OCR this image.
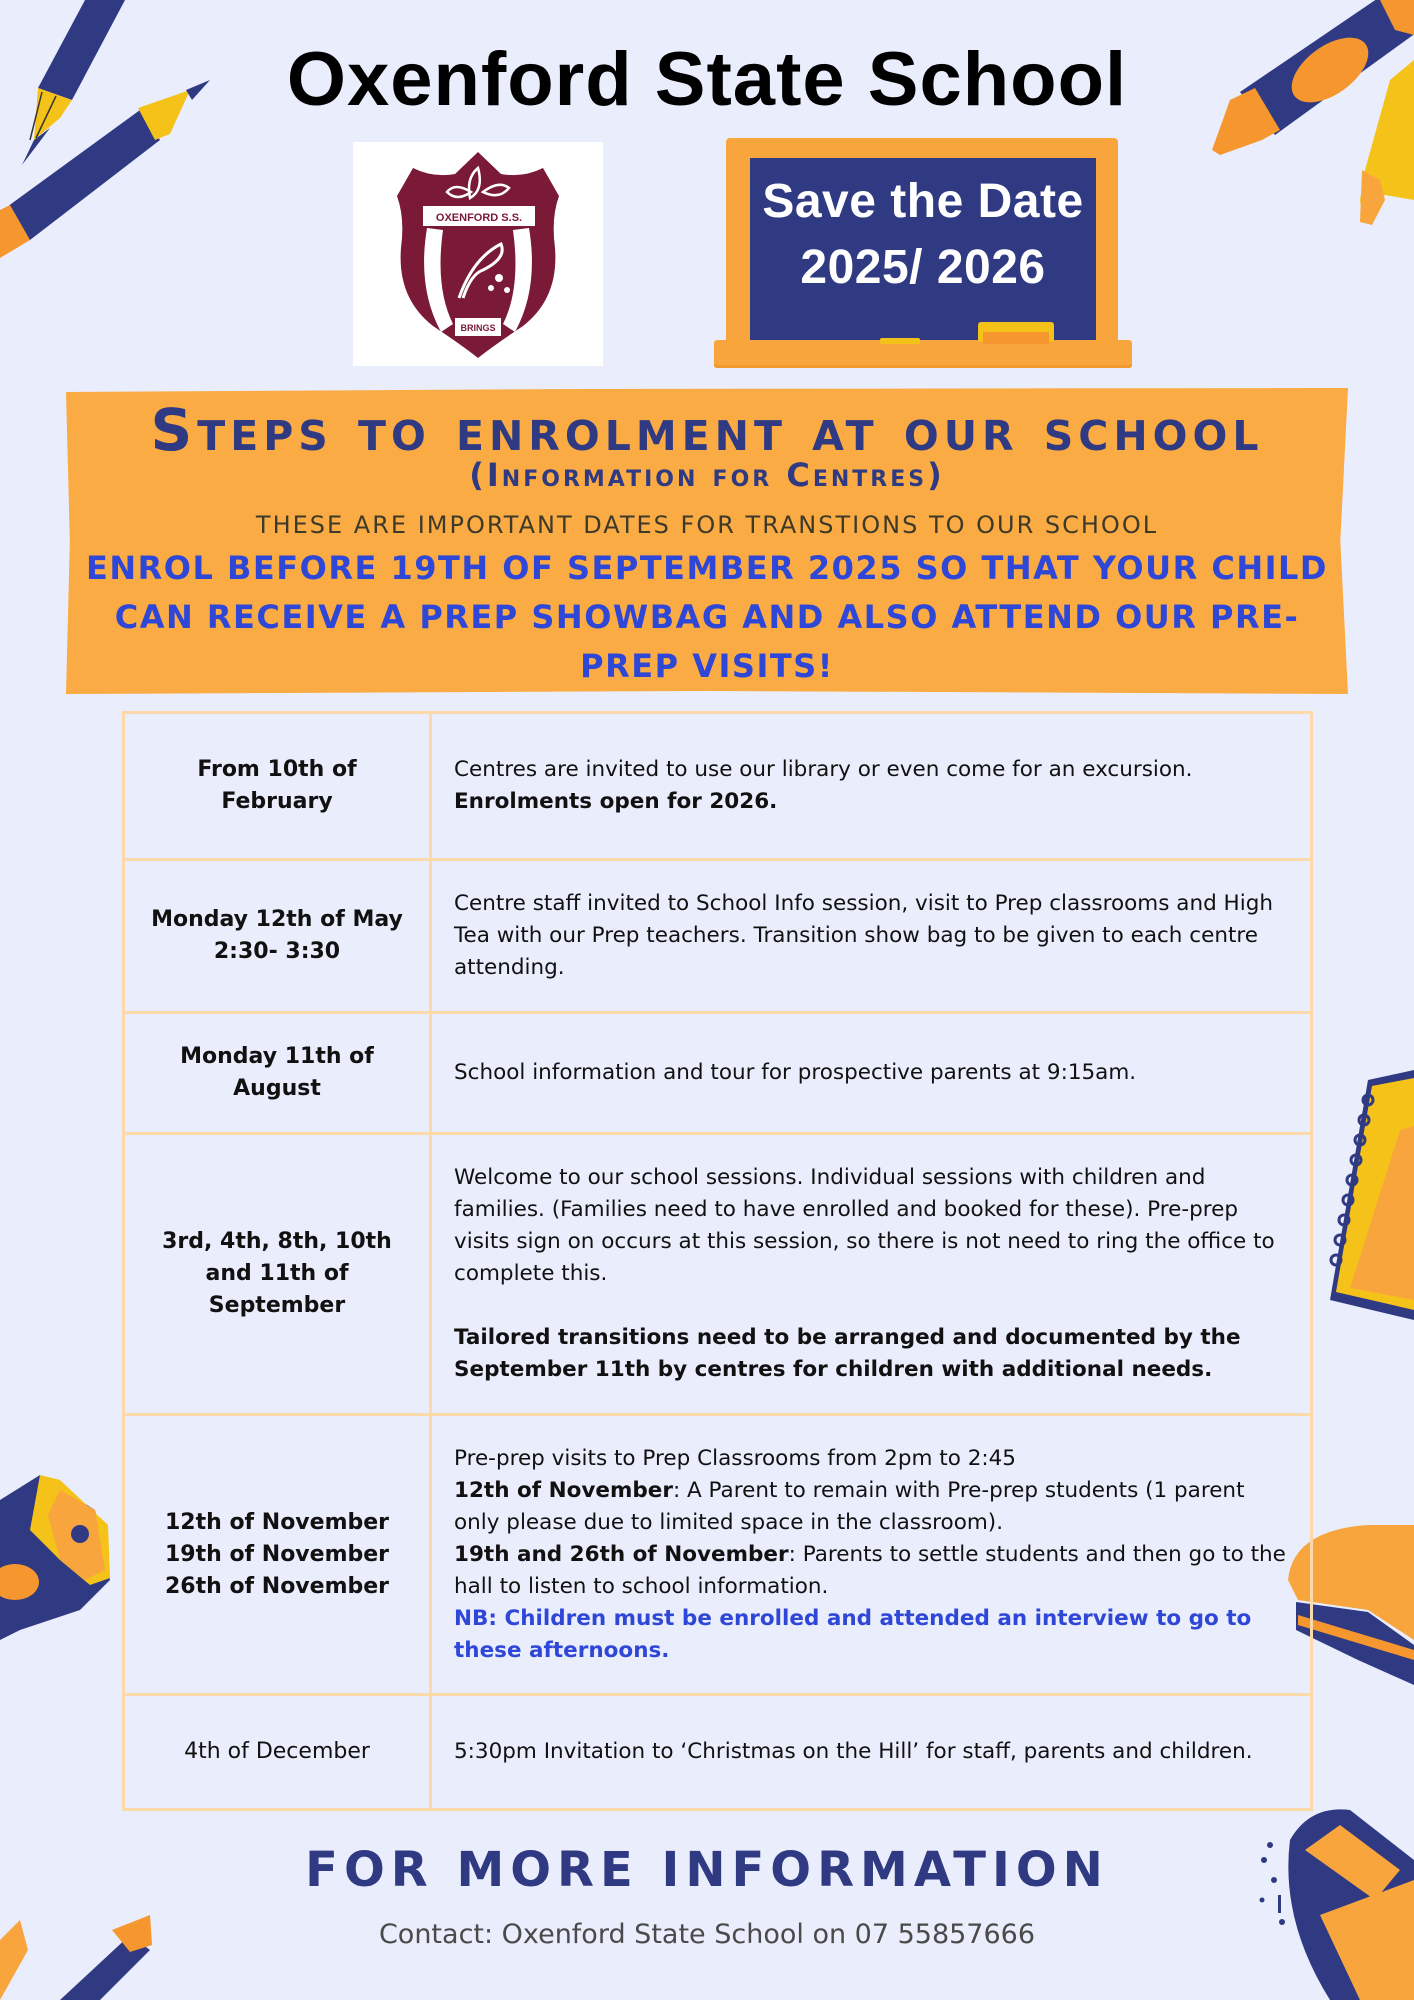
Oxenford State School
OXENFORD S.S.
BRINGS
Save the Date
2025/ 2026
Steps to enrolment at our school
(Information for Centres)
THESE ARE IMPORTANT DATES FOR TRANSTIONS TO OUR SCHOOL
ENROL BEFORE 19TH OF SEPTEMBER 2025 SO THAT YOUR CHILD CAN RECEIVE A PREP SHOWBAG AND ALSO ATTEND OUR PRE-PREP VISITS!
From 10th of February

Centres are invited to use our library or even come for an excursion.

Enrolments open for 2026.

Monday 12th of May 2:30- 3:30

Centre staff invited to School Info session, visit to Prep classrooms and High Tea with our Prep teachers. Transition show bag to be given to each centre attending.

Monday 11th of August

School information and tour for prospective parents at 9:15am.

3rd, 4th, 8th, 10th and 11th of September

Welcome to our school sessions. Individual sessions with children and families. (Families need to have enrolled and booked for these). Pre-prep visits sign on occurs at this session, so there is not need to ring the office to complete this.

Tailored transitions need to be arranged and documented by the September 11th by centres for children with additional needs.

12th of November
19th of November
26th of November

Pre-prep visits to Prep Classrooms from 2pm to 2:45

12th of November: A Parent to remain with Pre-prep students (1 parent only please due to limited space in the classroom).

19th and 26th of November: Parents to settle students and then go to the hall to listen to school information.

NB: Children must be enrolled and attended an interview to go to these afternoons.

4th of December	5:30pm Invitation to ‘Christmas on the Hill’ for staff, parents and children.

FOR MORE INFORMATION
Contact: Oxenford State School on 07 55857666
